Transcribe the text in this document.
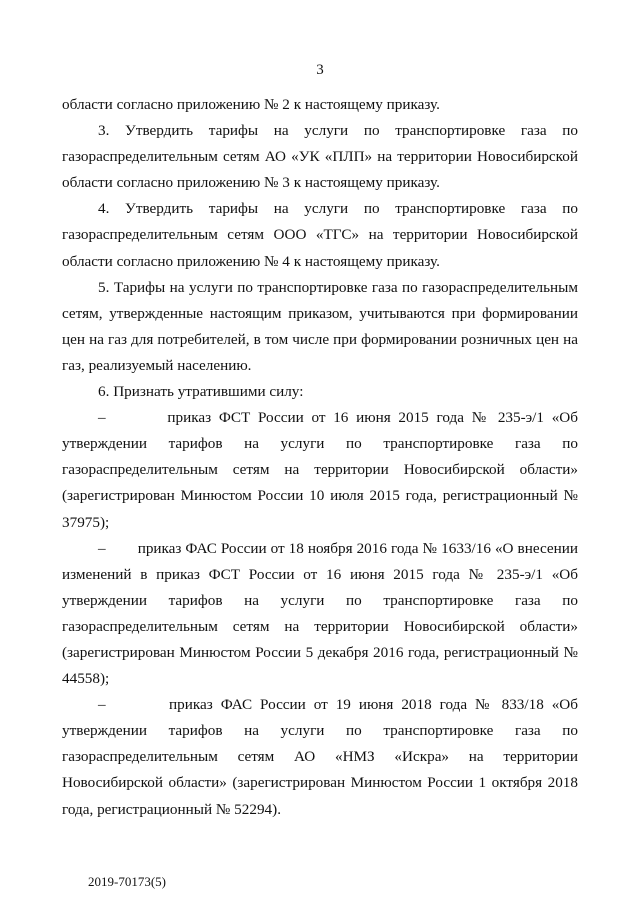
3

области согласно приложению № 2 к настоящему приказу.

3. Утвердить тарифы на услуги по транспортировке газа по газораспределительным сетям АО «УК «ПЛП» на территории Новосибирской области согласно приложению № 3 к настоящему приказу.

4. Утвердить тарифы на услуги по транспортировке газа по газораспределительным сетям ООО «ТГС» на территории Новосибирской области согласно приложению № 4 к настоящему приказу.

5. Тарифы на услуги по транспортировке газа по газораспределительным сетям, утвержденные настоящим приказом, учитываются при формировании цен на газ для потребителей, в том числе при формировании розничных цен на газ, реализуемый населению.

6. Признать утратившими силу:

–	приказ ФСТ России от 16 июня 2015 года № 235-э/1 «Об утверждении тарифов на услуги по транспортировке газа по газораспределительным сетям на территории Новосибирской области» (зарегистрирован Минюстом России 10 июля 2015 года, регистрационный № 37975);

– приказ ФАС России от 18 ноября 2016 года № 1633/16 «О внесении изменений в приказ ФСТ России от 16 июня 2015 года № 235-э/1 «Об утверждении тарифов на услуги по транспортировке газа по газораспределительным сетям на территории Новосибирской области» (зарегистрирован Минюстом России 5 декабря 2016 года, регистрационный № 44558);

–	приказ ФАС России от 19 июня 2018 года № 833/18 «Об утверждении тарифов на услуги по транспортировке газа по газораспределительным сетям АО «НМЗ «Искра» на территории Новосибирской области» (зарегистрирован Минюстом России 1 октября 2018 года, регистрационный № 52294).

2019-70173(5)
